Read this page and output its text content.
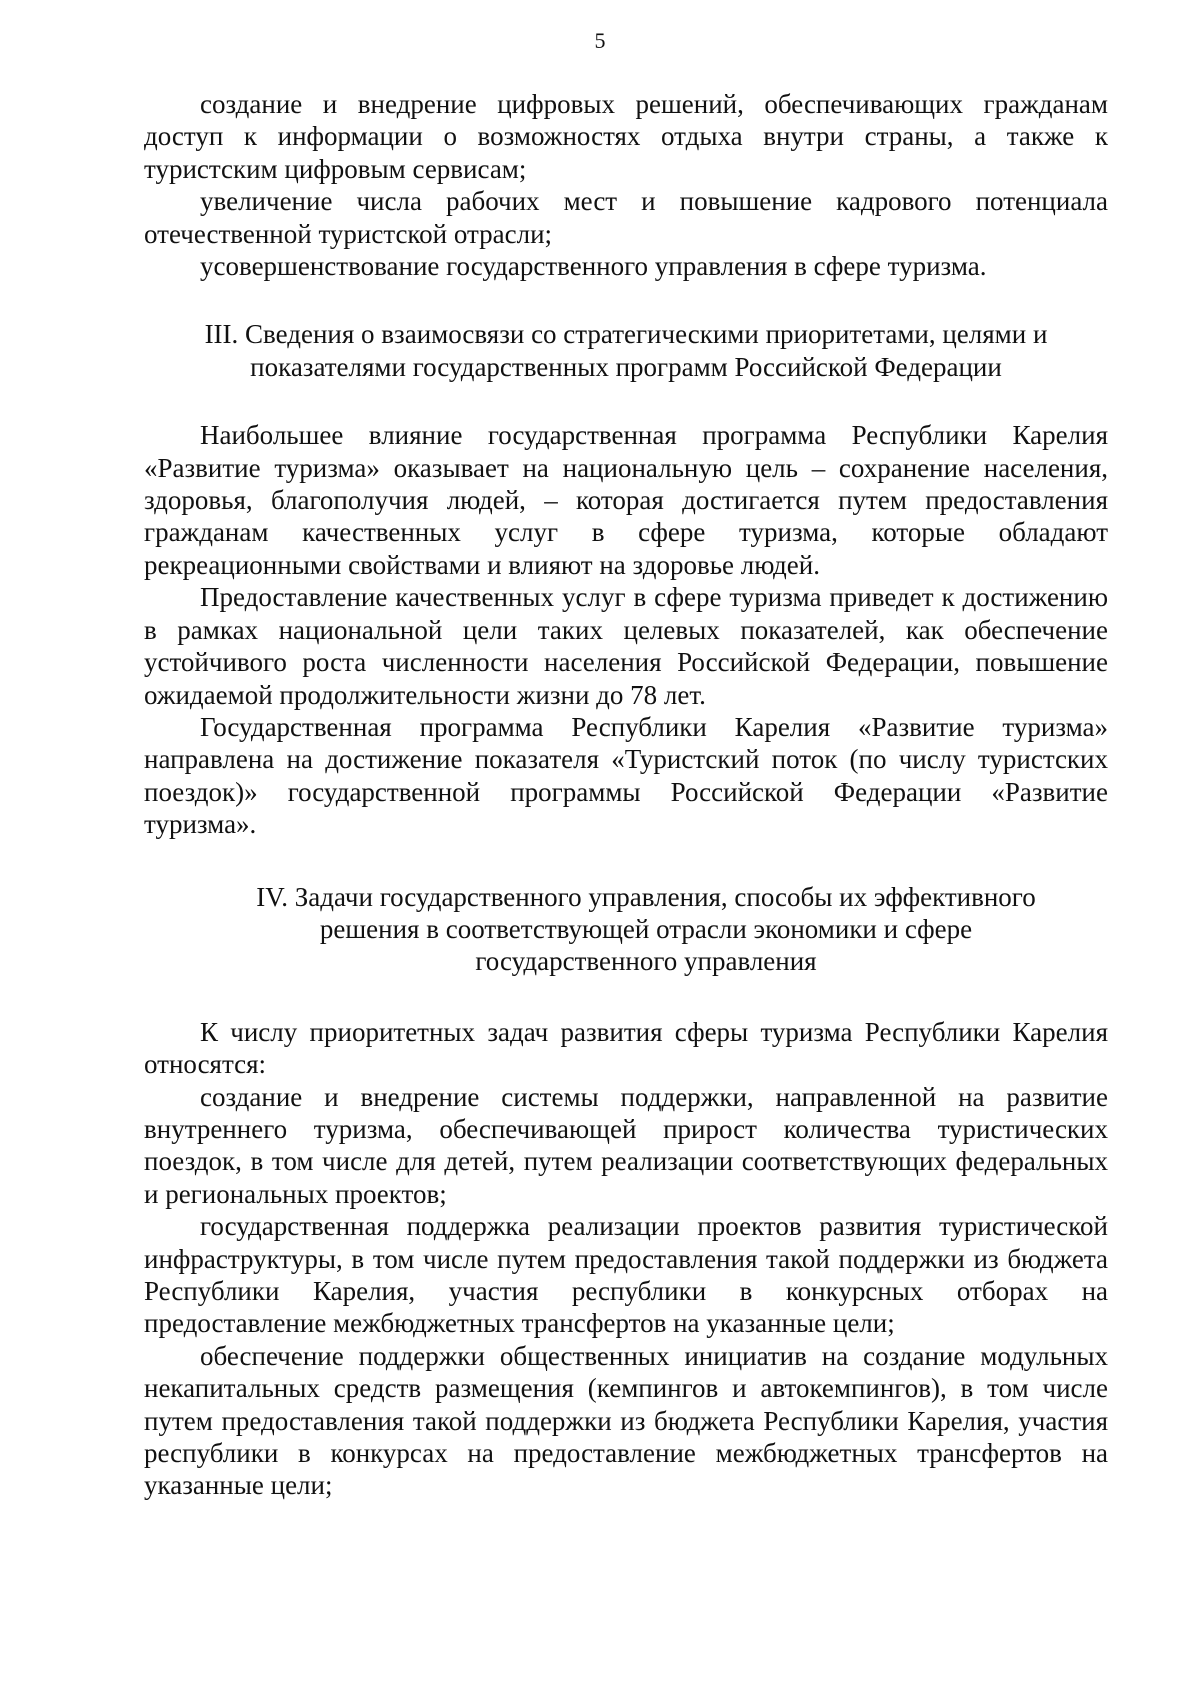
5

создание и внедрение цифровых решений, обеспечивающих гражданам доступ к информации о возможностях отдыха внутри страны, а также к туристским цифровым сервисам;

увеличение числа рабочих мест и повышение кадрового потенциала отечественной туристской отрасли;

усовершенствование государственного управления в сфере туризма.

III. Сведения о взаимосвязи со стратегическими приоритетами, целями и
показателями государственных программ Российской Федерации

Наибольшее влияние государственная программа Республики Карелия «Развитие туризма» оказывает на национальную цель – сохранение населения, здоровья, благополучия людей, – которая достигается путем предоставления гражданам качественных услуг в сфере туризма, которые обладают рекреационными свойствами и влияют на здоровье людей.

Предоставление качественных услуг в сфере туризма приведет к достижению в рамках национальной цели таких целевых показателей, как обеспечение устойчивого роста численности населения Российской Федерации, повышение ожидаемой продолжительности жизни до 78 лет.

Государственная программа Республики Карелия «Развитие туризма» направлена на достижение показателя «Туристский поток (по числу туристских поездок)» государственной программы Российской Федерации «Развитие туризма».

IV. Задачи государственного управления, способы их эффективного
решения в соответствующей отрасли экономики и сфере
государственного управления

К числу приоритетных задач развития сферы туризма Республики Карелия относятся:

создание и внедрение системы поддержки, направленной на развитие внутреннего туризма, обеспечивающей прирост количества туристических поездок, в том числе для детей, путем реализации соответствующих федеральных и региональных проектов;

государственная поддержка реализации проектов развития туристической инфраструктуры, в том числе путем предоставления такой поддержки из бюджета Республики Карелия, участия республики в конкурсных отборах на предоставление межбюджетных трансфертов на указанные цели;

обеспечение поддержки общественных инициатив на создание модульных некапитальных средств размещения (кемпингов и автокемпингов), в том числе путем предоставления такой поддержки из бюджета Республики Карелия, участия республики в конкурсах на предоставление межбюджетных трансфертов на указанные цели;
